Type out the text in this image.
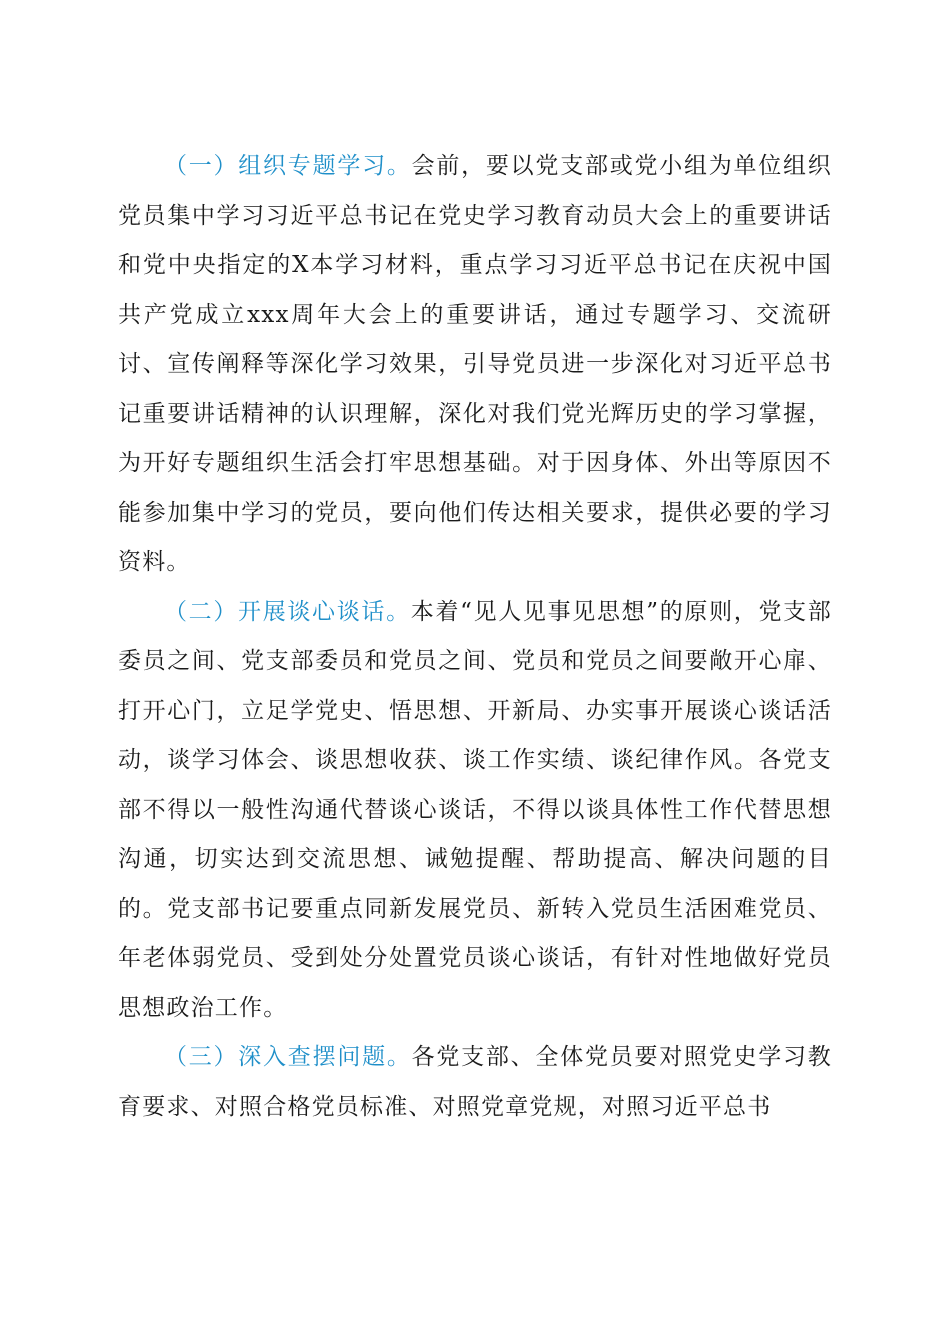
（一）组织专题学习。会前，要以党支部或党小组为单位组织党员集中学习习近平总书记在党史学习教育动员大会上的重要讲话和党中央指定的X本学习材料，重点学习习近平总书记在庆祝中国共产党成立xxx周年大会上的重要讲话，通过专题学习、交流研讨、宣传阐释等深化学习效果，引导党员进一步深化对习近平总书记重要讲话精神的认识理解，深化对我们党光辉历史的学习掌握，为开好专题组织生活会打牢思想基础。对于因身体、外出等原因不能参加集中学习的党员，要向他们传达相关要求，提供必要的学习资料。

（二）开展谈心谈话。本着“见人见事见思想”的原则，党支部委员之间、党支部委员和党员之间、党员和党员之间要敞开心扉、打开心门，立足学党史、悟思想、开新局、办实事开展谈心谈话活动，谈学习体会、谈思想收获、谈工作实绩、谈纪律作风。各党支部不得以一般性沟通代替谈心谈话，不得以谈具体性工作代替思想沟通，切实达到交流思想、诫勉提醒、帮助提高、解决问题的目的。党支部书记要重点同新发展党员、新转入党员生活困难党员、年老体弱党员、受到处分处置党员谈心谈话，有针对性地做好党员思想政治工作。

（三）深入查摆问题。各党支部、全体党员要对照党史学习教育要求、对照合格党员标准、对照党章党规，对照习近平总书
